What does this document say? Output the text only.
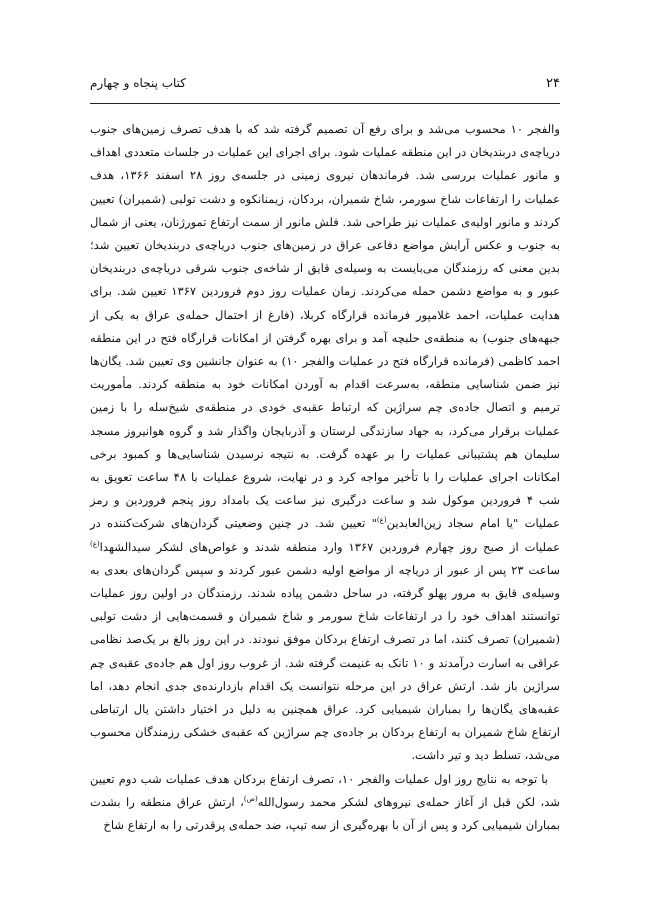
۲۴
کتاب پنجاه و چهارم

والفجر ۱۰ محسوب می‌شد و برای رفع آن تصمیم گرفته شد که با هدف تصرف زمین‌های جنوب دریاچه‌ی دربندیخان در این منطقه عملیات شود. برای اجرای این عملیات در جلسات متعددی اهداف و مانور عملیات بررسی شد. فرماندهان نیروی زمینی در جلسه‌ی روز ۲۸ اسفند ۱۳۶۶، هدف عملیات را ارتفاعات شاخ سورمر، شاخ شمیران، بردکان، زیمنانکوه و دشت تولبی (شمیران) تعیین کردند و مانور اولیه‌ی عملیات نیز طراحی شد. فلش مانور از سمت ارتفاع تمورژنان، یعنی از شمال به جنوب و عکس آرایش مواضع دفاعی عراق در زمین‌های جنوب دریاچه‌ی دربندیخان تعیین شد؛ بدین معنی که رزمندگان می‌بایست به وسیله‌ی قایق از شاخه‌ی جنوب شرقی دریاچه‌ی دربندیخان عبور و به مواضع دشمن حمله می‌کردند. زمان عملیات روز دوم فروردین ۱۳۶۷ تعیین شد. برای هدایت عملیات، احمد غلامپور فرمانده قرارگاه کربلا، (فارغ از احتمال حمله‌ی عراق به یکی از جبهه‌های جنوب) به منطقه‌ی حلبچه آمد و برای بهره گرفتن از امکانات قرارگاه فتح در این منطقه احمد کاظمی (فرمانده قرارگاه فتح در عملیات والفجر ۱۰) به عنوان جانشین وی تعیین شد. یگان‌ها نیز ضمن شناسایی منطقه، به‌سرعت اقدام به آوردن امکانات خود به منطقه کردند. مأموریت ترمیم و اتصال جاده‌ی چم سراژین که ارتباط عقبه‌ی خودی در منطقه‌ی شیخ‌سله را با زمین عملیات برقرار می‌کرد، به جهاد سازندگی لرستان و آذربایجان واگذار شد و گروه هوانیروز مسجد سلیمان هم پشتیبانی عملیات را بر عهده گرفت. به نتیجه نرسیدن شناسایی‌ها و کمبود برخی امکانات اجرای عملیات را با تأخیر مواجه کرد و در نهایت، شروع عملیات با ۴۸ ساعت تعویق به شب ۴ فروردین موکول شد و ساعت درگیری نیز ساعت یک بامداد روز پنجم فروردین و رمز عملیات "یا امام سجاد زین‌العابدین$^{(ع)}$" تعیین شد. در چنین وضعیتی گردان‌های شرکت‌کننده در عملیات از صبح روز چهارم فروردین ۱۳۶۷ وارد منطقه شدند و غواص‌های لشکر سیدالشهدا$^{(ع)}$ ساعت ۲۳ پس از عبور از دریاچه از مواضع اولیه دشمن عبور کردند و سپس گردان‌های بعدی به وسیله‌ی قایق به مرور پهلو گرفته، در ساحل دشمن پیاده شدند. رزمندگان در اولین روز عملیات توانستند اهداف خود را در ارتفاعات شاخ سورمر و شاخ شمیران و قسمت‌هایی از دشت تولبی (شمیران) تصرف کنند، اما در تصرف ارتفاع بردکان موفق نبودند. در این روز بالغ بر یک‌صد نظامی عراقی به اسارت درآمدند و ۱۰ تانک به غنیمت گرفته شد. از غروب روز اول هم جاده‌ی عقبه‌ی چم سراژین باز شد. ارتش عراق در این مرحله نتوانست یک اقدام بازدارنده‌ی جدی انجام دهد، اما عقبه‌های یگان‌ها را بمباران شیمیایی کرد. عراق همچنین به دلیل در اختیار داشتن یال ارتباطی ارتفاع شاخ شمیران به ارتفاع بردکان بر جاده‌ی چم سراژین که عقبه‌ی خشکی رزمندگان محسوب می‌شد، تسلط دید و تیر داشت.

با توجه به نتایج روز اول عملیات والفجر ۱۰، تصرف ارتفاع بردکان هدف عملیات شب دوم تعیین شد، لکن قبل از آغاز حمله‌ی نیروهای لشکر محمد رسول‌الله$^{(ص)}$، ارتش عراق منطقه را بشدت بمباران شیمیایی کرد و پس از آن با بهره‌گیری از سه تیپ، ضد حمله‌ی پرقدرتی را به ارتفاع شاخ
